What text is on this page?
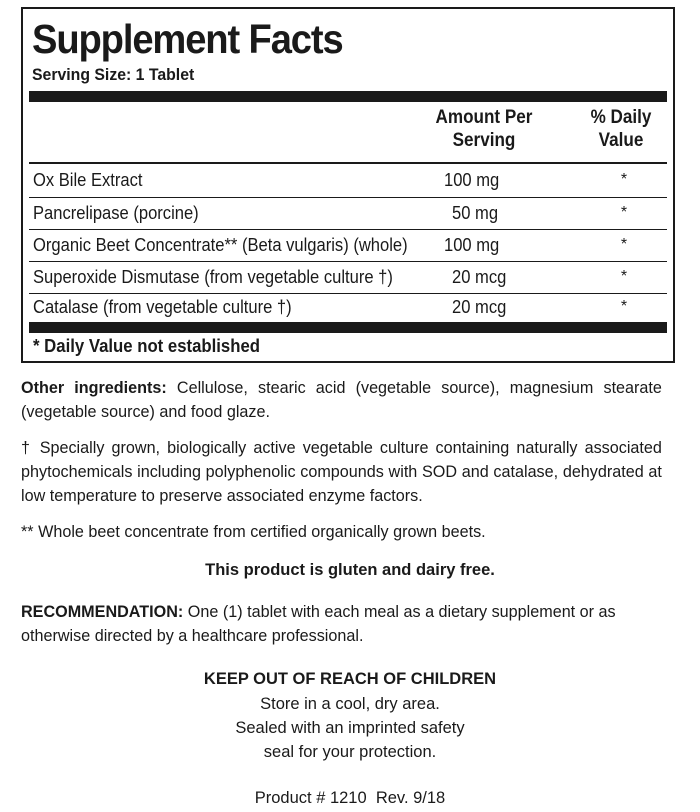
Supplement Facts
Serving Size: 1 Tablet
Amount Per
Serving
% Daily
Value
Ox Bile Extract	100 mg	*
Pancrelipase (porcine)	50 mg	*
Organic Beet Concentrate** (Beta vulgaris) (whole) 100 mg	*
Superoxide Dismutase (from vegetable culture †)	20 mcg	*
Catalase (from vegetable culture †)	20 mcg	*
* Daily Value not established
Other ingredients: Cellulose, stearic acid (vegetable source), magnesium stearate (vegetable source) and food glaze.
† Specially grown, biologically active vegetable culture containing naturally associated phytochemicals including polyphenolic compounds with SOD and catalase, dehydrated at low temperature to preserve associated enzyme factors.
** Whole beet concentrate from certified organically grown beets.
This product is gluten and dairy free.
RECOMMENDATION: One (1) tablet with each meal as a dietary supplement or as otherwise directed by a healthcare professional.
KEEP OUT OF REACH OF CHILDREN
Store in a cool, dry area.
Sealed with an imprinted safety
seal for your protection.
Product # 1210  Rev. 9/18
